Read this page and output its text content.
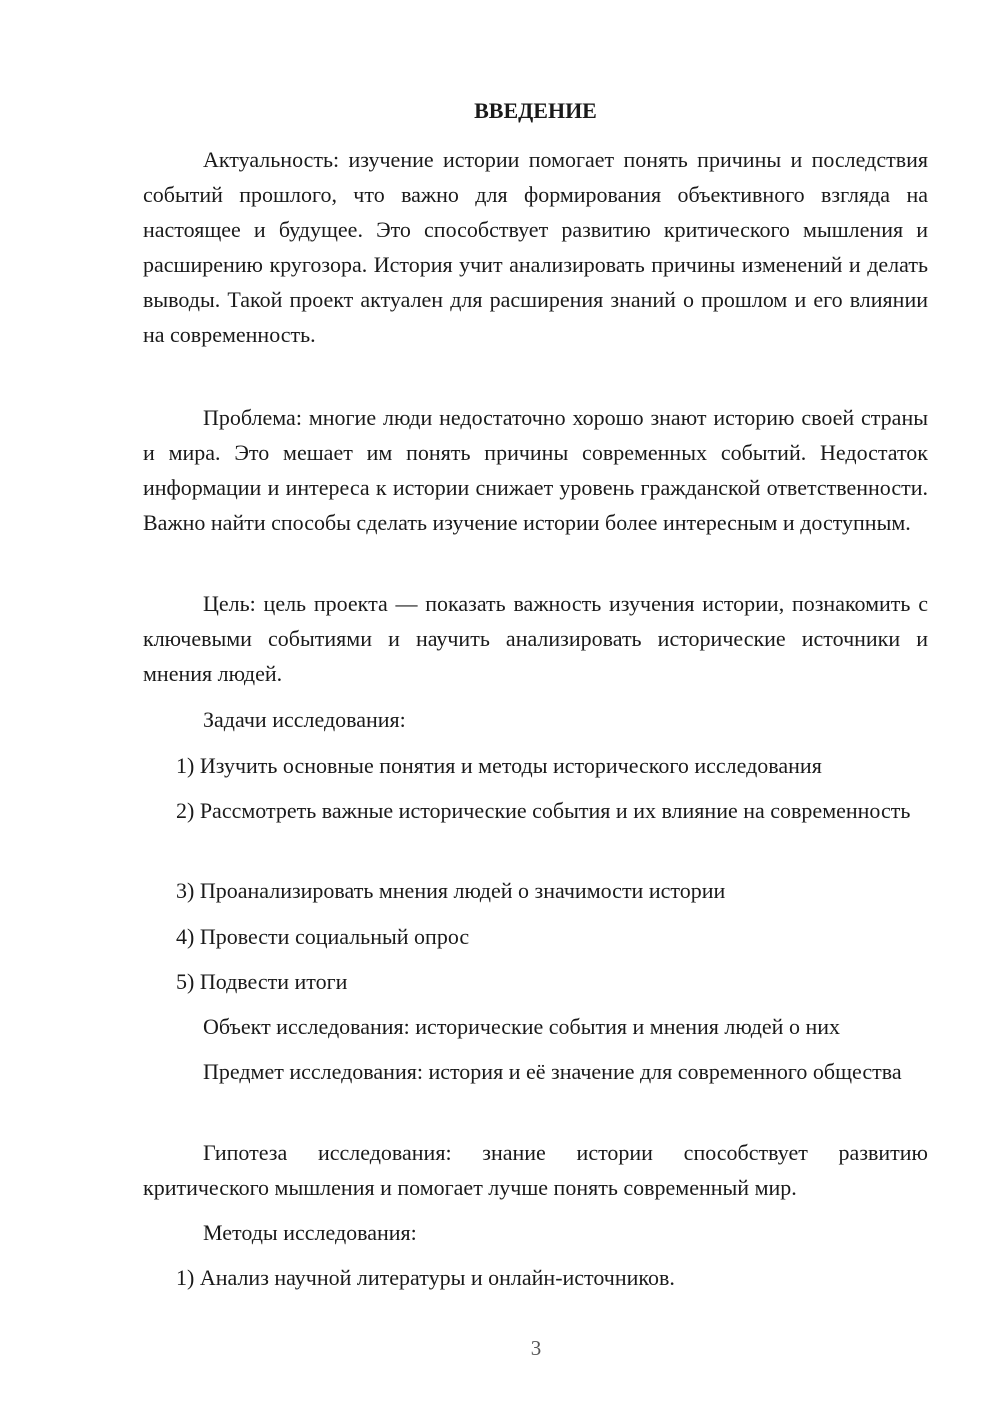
ВВЕДЕНИЕ

Актуальность: изучение истории помогает понять причины и последствия событий прошлого, что важно для формирования объективного взгляда на настоящее и будущее. Это способствует развитию критического мышления и расширению кругозора. История учит анализировать причины изменений и делать выводы. Такой проект актуален для расширения знаний о прошлом и его влиянии на современность.

Проблема: многие люди недостаточно хорошо знают историю своей страны и мира. Это мешает им понять причины современных событий. Недостаток информации и интереса к истории снижает уровень гражданской ответственности. Важно найти способы сделать изучение истории более интересным и доступным.

Цель: цель проекта — показать важность изучения истории, познакомить с ключевыми событиями и научить анализировать исторические источники и мнения людей.

Задачи исследования:

1) Изучить основные понятия и методы исторического исследования

2) Рассмотреть важные исторические события и их влияние на современность

3) Проанализировать мнения людей о значимости истории

4) Провести социальный опрос

5) Подвести итоги

Объект исследования: исторические события и мнения людей о них

Предмет исследования: история и её значение для современного общества

Гипотеза исследования: знание истории способствует развитию критического мышления и помогает лучше понять современный мир.

Методы исследования:

1) Анализ научной литературы и онлайн-источников.

3
